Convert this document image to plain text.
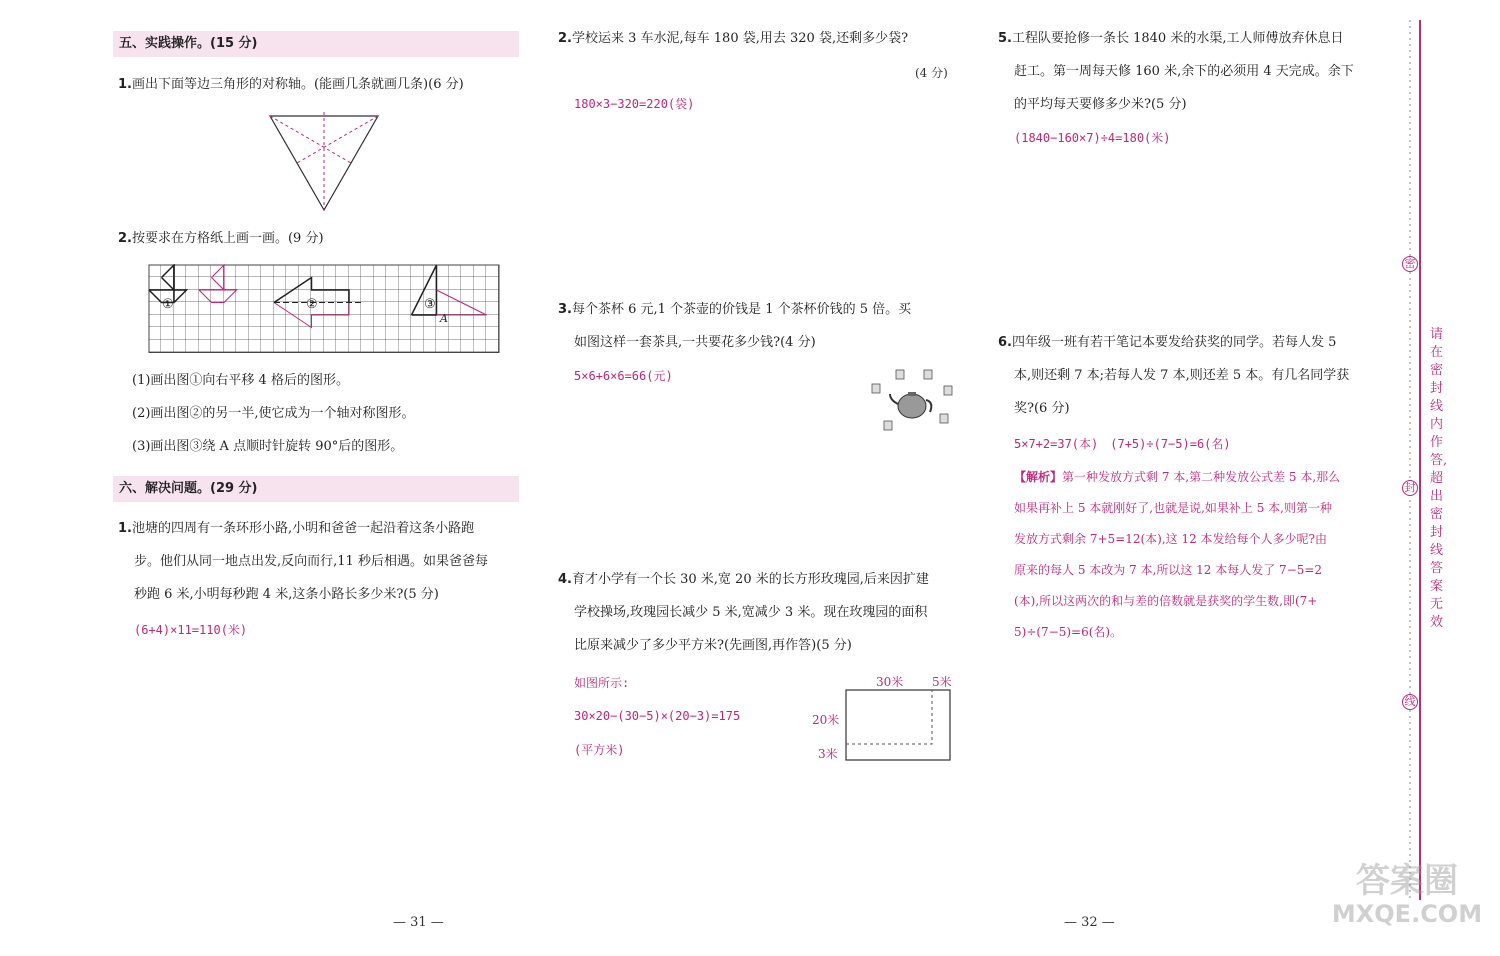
五、实践操作。(15 分)
1.画出下面等边三角形的对称轴。(能画几条就画几条)(6 分)
2.按要求在方格纸上画一画。(9 分)
①	②	③
A
(1)画出图①向右平移 4 格后的图形。
(2)画出图②的另一半,使它成为一个轴对称图形。
(3)画出图③绕 A 点顺时针旋转 90°后的图形。
六、解决问题。(29 分)
1.池塘的四周有一条环形小路,小明和爸爸一起沿着这条小路跑
步。他们从同一地点出发,反向而行,11 秒后相遇。如果爸爸每
秒跑 6 米,小明每秒跑 4 米,这条小路长多少米?(5 分)
(6+4)×11=110(米)
— 31 —
2.学校运来 3 车水泥,每车 180 袋,用去 320 袋,还剩多少袋?
(4 分)
180×3−320=220(袋)
3.每个茶杯 6 元,1 个茶壶的价钱是 1 个茶杯价钱的 5 倍。买
如图这样一套茶具,一共要花多少钱?(4 分)
5×6+6×6=66(元)
4.育才小学有一个长 30 米,宽 20 米的长方形玫瑰园,后来因扩建
学校操场,玫瑰园长减少 5 米,宽减少 3 米。现在玫瑰园的面积
比原来减少了多少平方米?(先画图,再作答)(5 分)
如图所示:
30×20−(30−5)×(20−3)=175
(平方米)
30米 5米
20米
3米
5.工程队要抢修一条长 1840 米的水渠,工人师傅放弃休息日
赶工。第一周每天修 160 米,余下的必须用 4 天完成。余下
的平均每天要修多少米?(5 分)
(1840−160×7)÷4=180(米)
6.四年级一班有若干笔记本要发给获奖的同学。若每人发 5
本,则还剩 7 本;若每人发 7 本,则还差 5 本。有几名同学获
奖?(6 分)
5×7+2=37(本)　(7+5)÷(7−5)=6(名)
【解析】第一种发放方式剩 7 本,第二种发放公式差 5 本,那么
如果再补上 5 本就刚好了,也就是说,如果补上 5 本,则第一种
发放方式剩余 7+5=12(本),这 12 本发给每个人多少呢?由
原来的每人 5 本改为 7 本,所以这 12 本每人发了 7−5=2
(本),所以这两次的和与差的倍数就是获奖的学生数,即(7+
5)÷(7−5)=6(名)。
— 32 —
密
封
线
请在密封线内作答,超出密封线答案无效
答案圈
MXQE.COM
